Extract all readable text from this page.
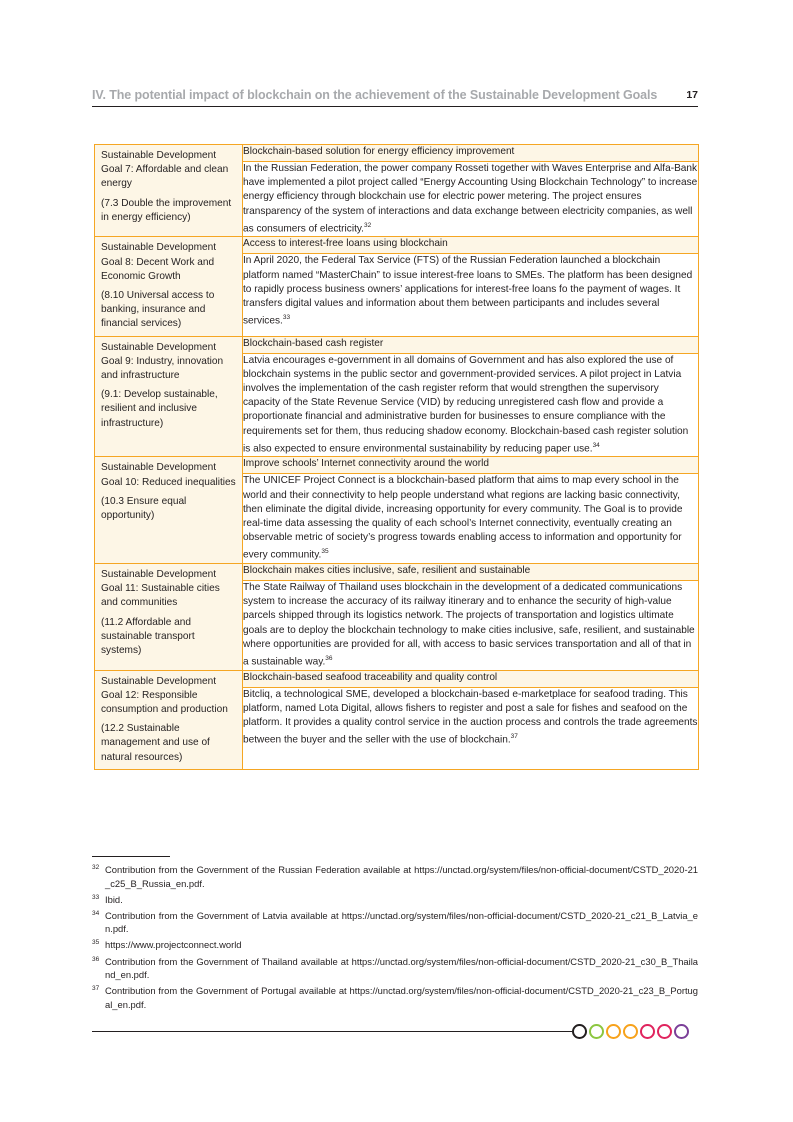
IV. The potential impact of blockchain on the achievement of the Sustainable Development Goals	17

Sustainable Development Goal 7: Affordable and clean energy

(7.3 Double the improvement in energy efficiency)	Blockchain-based solution for energy efficiency improvement
	In the Russian Federation, the power company Rosseti together with Waves Enterprise and Alfa-Bank have implemented a pilot project called “Energy Accounting Using Blockchain Technology” to increase energy efficiency through blockchain use for electric power metering. The project ensures transparency of the system of interactions and data exchange between electricity companies, as well as consumers of electricity.$^{32}$

Sustainable Development Goal 8: Decent Work and Economic Growth

(8.10 Universal access to banking, insurance and financial services)	Access to interest-free loans using blockchain
	In April 2020, the Federal Tax Service (FTS) of the Russian Federation launched a blockchain platform named “MasterChain” to issue interest-free loans to SMEs. The platform has been designed to rapidly process business owners’ applications for interest-free loans fo the payment of wages. It transfers digital values and information about them between participants and includes several services.$^{33}$

Sustainable Development Goal 9: Industry, innovation and infrastructure

(9.1: Develop sustainable, resilient and inclusive infrastructure)	Blockchain-based cash register
	Latvia encourages e-government in all domains of Government and has also explored the use of blockchain systems in the public sector and government-provided services. A pilot project in Latvia involves the implementation of the cash register reform that would strengthen the supervisory capacity of the State Revenue Service (VID) by reducing unregistered cash flow and provide a proportionate financial and administrative burden for businesses to ensure compliance with the requirements set for them, thus reducing shadow economy. Blockchain-based cash register solution is also expected to ensure environmental sustainability by reducing paper use.$^{34}$

Sustainable Development Goal 10: Reduced inequalities

(10.3 Ensure equal opportunity)	Improve schools’ Internet connectivity around the world
	The UNICEF Project Connect is a blockchain-based platform that aims to map every school in the world and their connectivity to help people understand what regions are lacking basic connectivity, then eliminate the digital divide, increasing opportunity for every community. The Goal is to provide real-time data assessing the quality of each school’s Internet connectivity, eventually creating an observable metric of society’s progress towards enabling access to information and opportunity for every community.$^{35}$

Sustainable Development Goal 11: Sustainable cities and communities

(11.2 Affordable and sustainable transport systems)	Blockchain makes cities inclusive, safe, resilient and sustainable
	The State Railway of Thailand uses blockchain in the development of a dedicated communications system to increase the accuracy of its railway itinerary and to enhance the security of high-value parcels shipped through its logistics network. The projects of transportation and logistics ultimate goals are to deploy the blockchain technology to make cities inclusive, safe, resilient, and sustainable where opportunities are provided for all, with access to basic services transportation and all of that in a sustainable way.$^{36}$

Sustainable Development Goal 12: Responsible consumption and production

(12.2 Sustainable management and use of natural resources)	Blockchain-based seafood traceability and quality control
	Bitcliq, a technological SME, developed a blockchain-based e-marketplace for seafood trading. This platform, named Lota Digital, allows fishers to register and post a sale for fishes and seafood on the platform. It provides a quality control service in the auction process and controls the trade agreements between the buyer and the seller with the use of blockchain.$^{37}$
32 Contribution from the Government of the Russian Federation available at https://unctad.org/system/files/non-official-document/CSTD_2020-21_c25_B_Russia_en.pdf.
33 Ibid.
34 Contribution from the Government of Latvia available at https://unctad.org/system/files/non-official-document/CSTD_2020-21_c21_B_Latvia_en.pdf.
35 https://www.projectconnect.world
36 Contribution from the Government of Thailand available at https://unctad.org/system/files/non-official-document/CSTD_2020-21_c30_B_Thailand_en.pdf.
37 Contribution from the Government of Portugal available at https://unctad.org/system/files/non-official-document/CSTD_2020-21_c23_B_Portugal_en.pdf.
